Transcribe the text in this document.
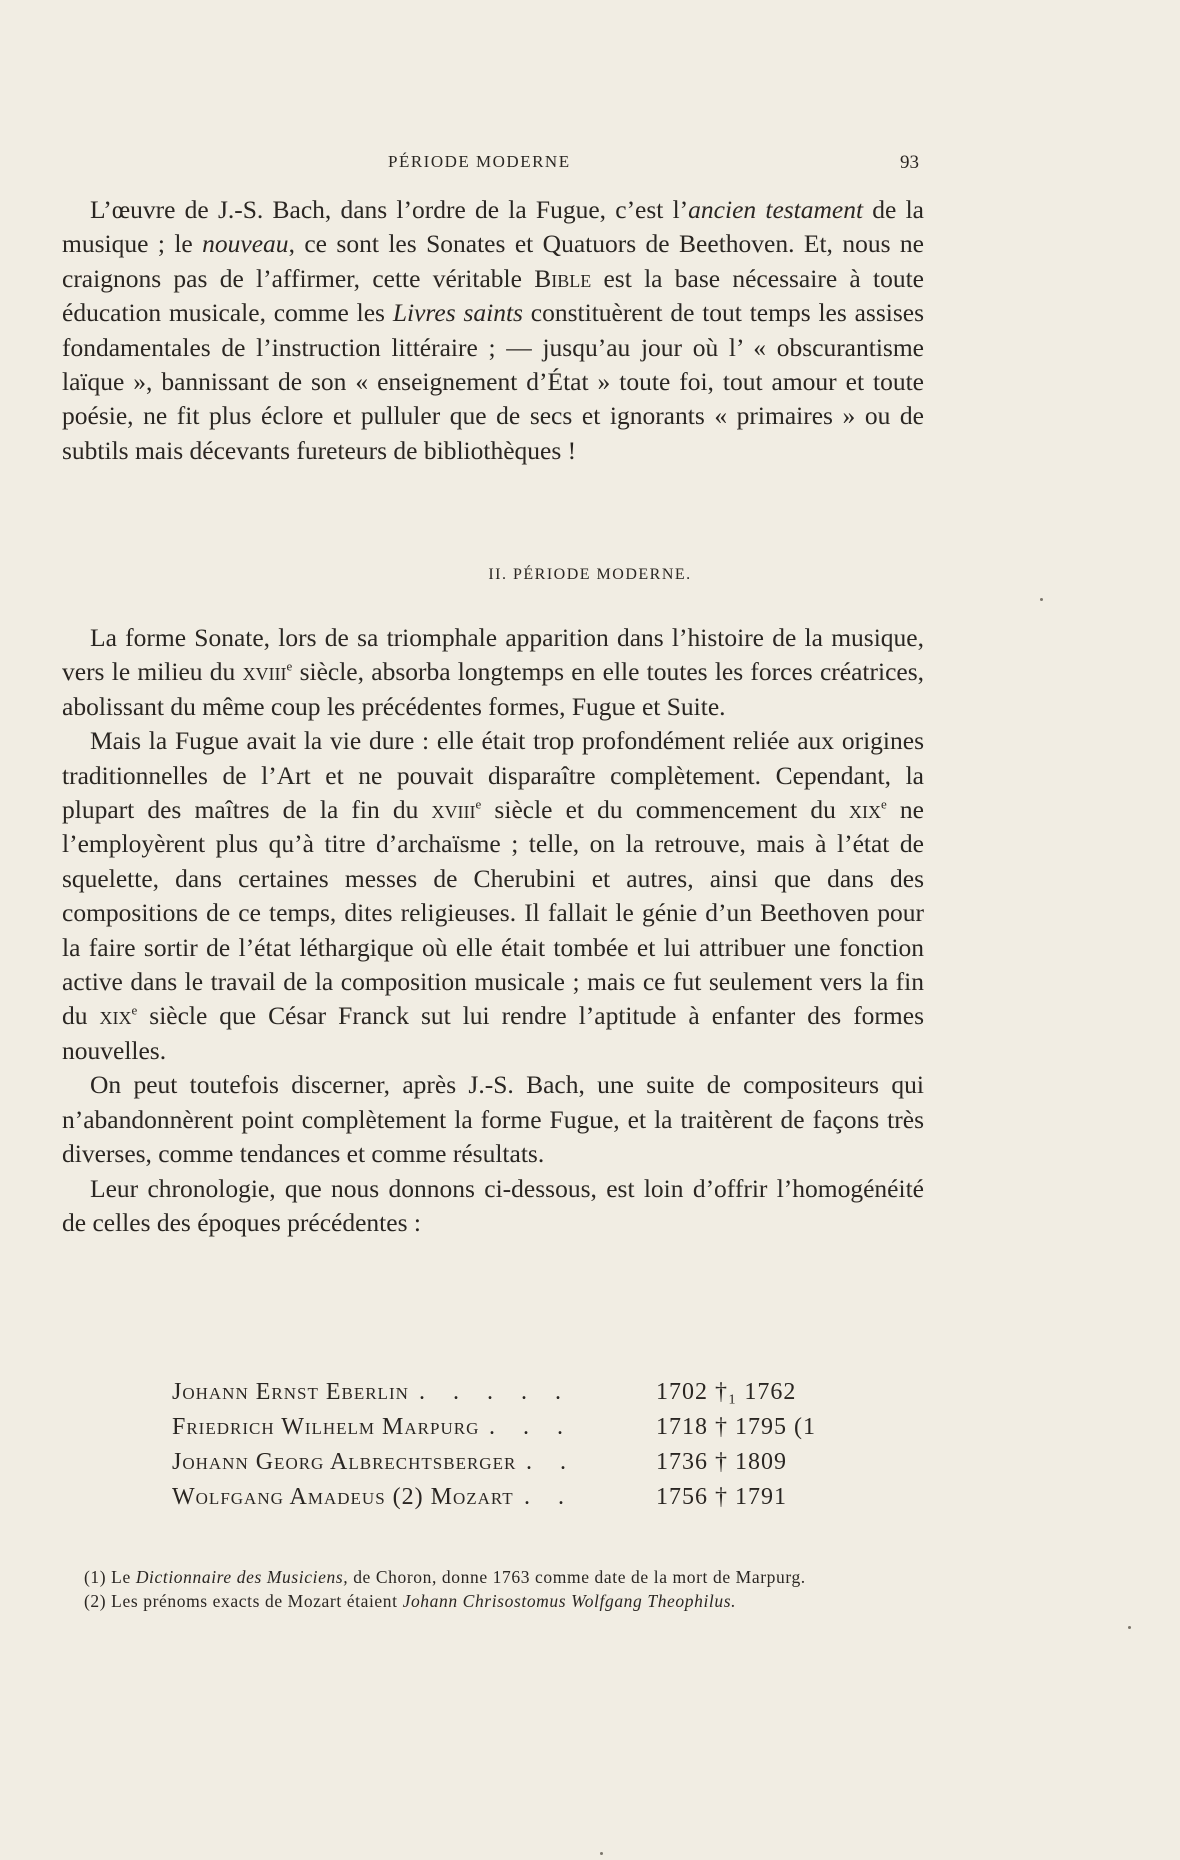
PÉRIODE MODERNE	93

L’œuvre de J.-S. Bach, dans l’ordre de la Fugue, c’est l’ancien testament de la musique ; le nouveau, ce sont les Sonates et Quatuors de Beethoven. Et, nous ne craignons pas de l’affirmer, cette véritable Bible est la base nécessaire à toute éducation musicale, comme les Livres saints constituèrent de tout temps les assises fondamentales de l’instruction littéraire ; — jusqu’au jour où l’ « obscurantisme laïque », bannissant de son « enseignement d’État » toute foi, tout amour et toute poésie, ne fit plus éclore et pulluler que de secs et ignorants « primaires » ou de subtils mais décevants fureteurs de bibliothèques !

II. PÉRIODE MODERNE.

La forme Sonate, lors de sa triomphale apparition dans l’histoire de la musique, vers le milieu du xviii$^e$ siècle, absorba longtemps en elle toutes les forces créatrices, abolissant du même coup les précédentes formes, Fugue et Suite.

Mais la Fugue avait la vie dure : elle était trop profondément reliée aux origines traditionnelles de l’Art et ne pouvait disparaître complètement. Cependant, la plupart des maîtres de la fin du xviii$^e$ siècle et du commencement du xix$^e$ ne l’employèrent plus qu’à titre d’archaïsme ; telle, on la retrouve, mais à l’état de squelette, dans certaines messes de Cherubini et autres, ainsi que dans des compositions de ce temps, dites religieuses. Il fallait le génie d’un Beethoven pour la faire sortir de l’état léthargique où elle était tombée et lui attribuer une fonction active dans le travail de la composition musicale ; mais ce fut seulement vers la fin du xix$^e$ siècle que César Franck sut lui rendre l’aptitude à enfanter des formes nouvelles.

On peut toutefois discerner, après J.-S. Bach, une suite de compositeurs qui n’abandonnèrent point complètement la forme Fugue, et la traitèrent de façons très diverses, comme tendances et comme résultats.

Leur chronologie, que nous donnons ci-dessous, est loin d’offrir l’homogénéité de celles des époques précédentes :

Johann Ernst Eberlin . . . . .	1702 †₁ 1762
Friedrich Wilhelm Marpurg . . .	1718 † 1795 (1
Johann Georg Albrechtsberger . .	1736 † 1809
Wolfgang Amadeus (2) Mozart . .	1756 † 1791

(1) Le Dictionnaire des Musiciens, de Choron, donne 1763 comme date de la mort de Marpurg.

(2) Les prénoms exacts de Mozart étaient Johann Chrisostomus Wolfgang Theophilus.
